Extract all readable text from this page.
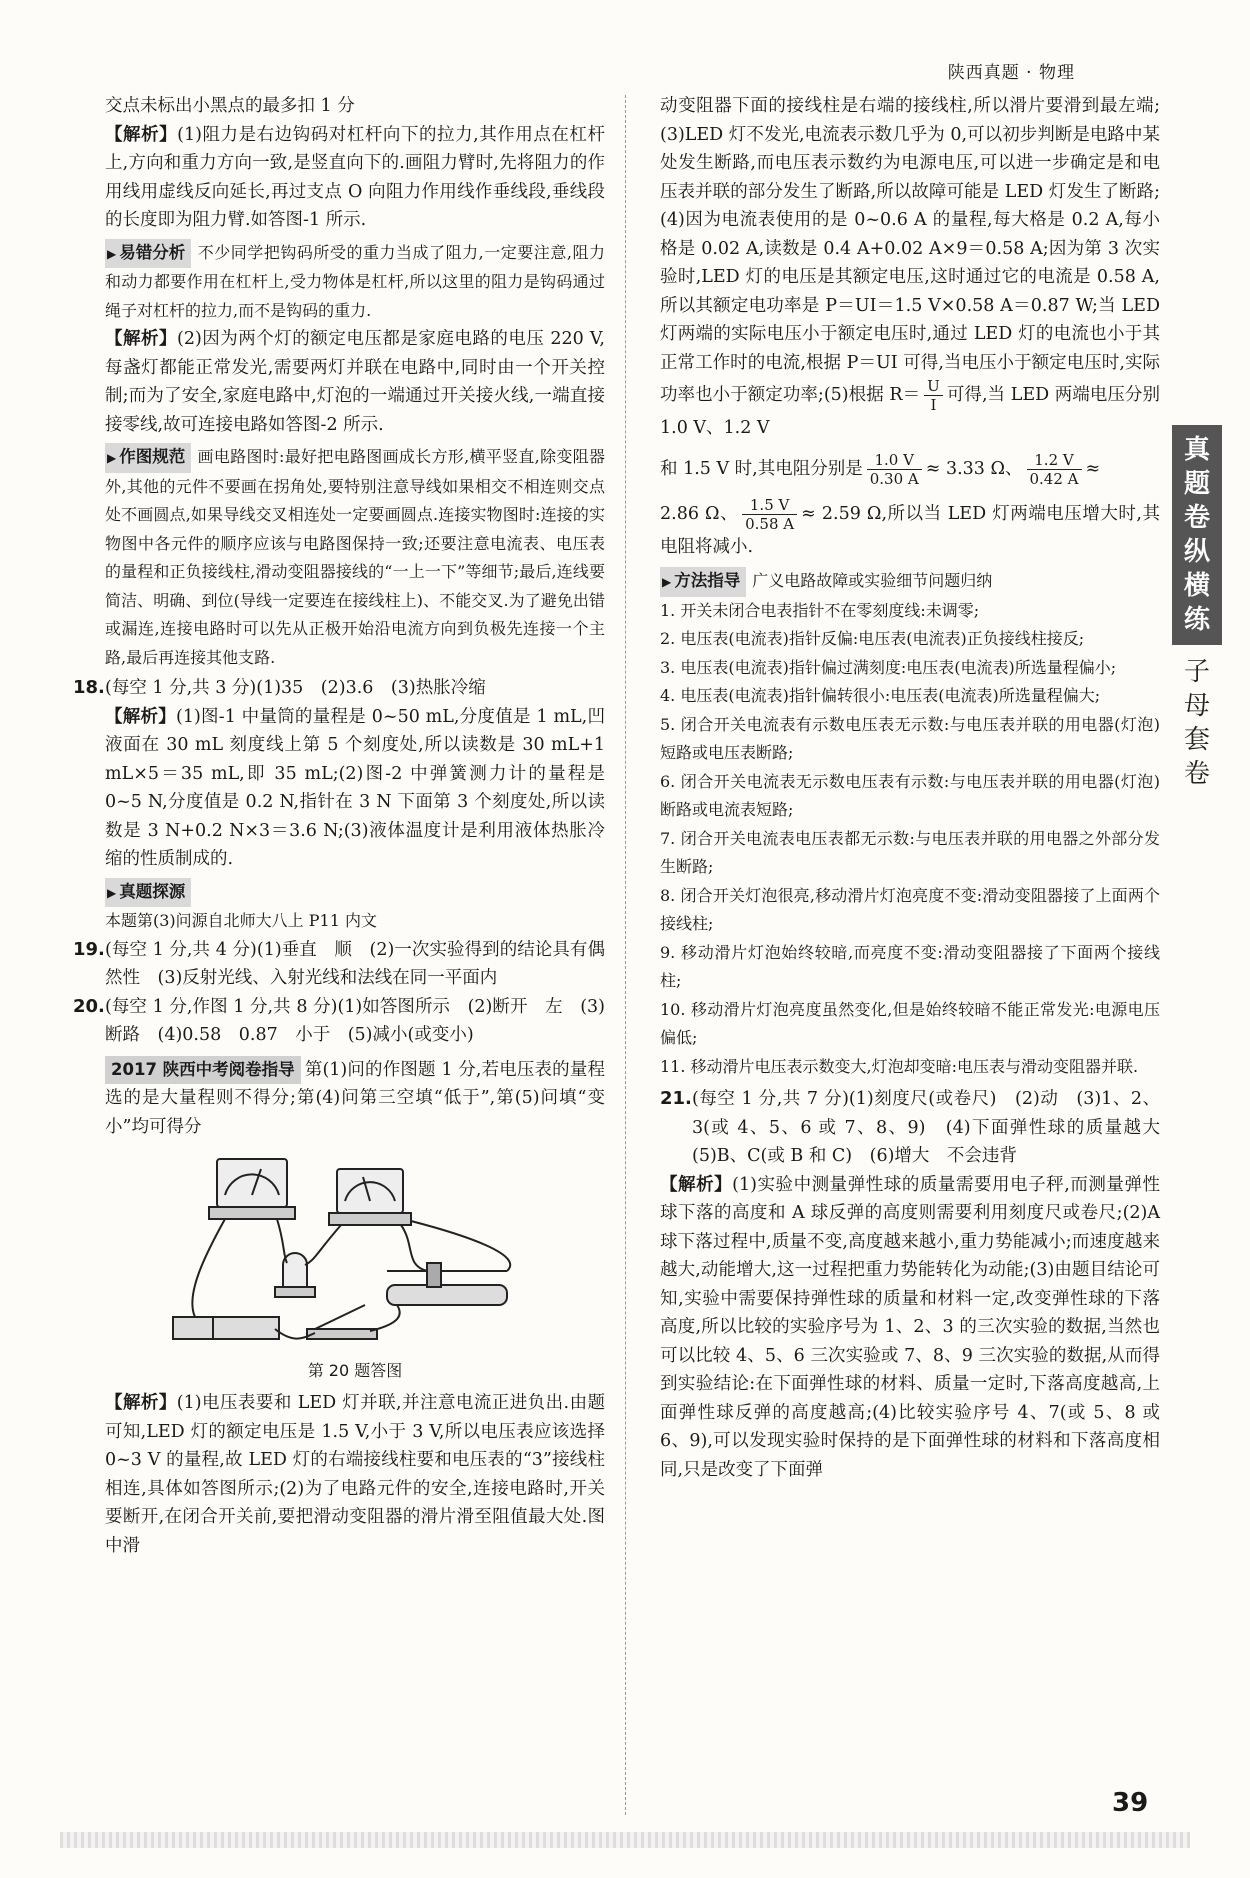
陕西真题 · 物理

交点未标出小黑点的最多扣 1 分

【解析】(1)阻力是右边钩码对杠杆向下的拉力,其作用点在杠杆上,方向和重力方向一致,是竖直向下的.画阻力臂时,先将阻力的作用线用虚线反向延长,再过支点 O 向阻力作用线作垂线段,垂线段的长度即为阻力臂.如答图-1 所示.

▶ 易错分析 不少同学把钩码所受的重力当成了阻力,一定要注意,阻力和动力都要作用在杠杆上,受力物体是杠杆,所以这里的阻力是钩码通过绳子对杠杆的拉力,而不是钩码的重力.

【解析】(2)因为两个灯的额定电压都是家庭电路的电压 220 V,每盏灯都能正常发光,需要两灯并联在电路中,同时由一个开关控制;而为了安全,家庭电路中,灯泡的一端通过开关接火线,一端直接接零线,故可连接电路如答图-2 所示.

▶ 作图规范 画电路图时:最好把电路图画成长方形,横平竖直,除变阻器外,其他的元件不要画在拐角处,要特别注意导线如果相交不相连则交点处不画圆点,如果导线交叉相连处一定要画圆点.连接实物图时:连接的实物图中各元件的顺序应该与电路图保持一致;还要注意电流表、电压表的量程和正负接线柱,滑动变阻器接线的“一上一下”等细节;最后,连线要简洁、明确、到位(导线一定要连在接线柱上)、不能交叉.为了避免出错或漏连,连接电路时可以先从正极开始沿电流方向到负极先连接一个主路,最后再连接其他支路.

18.(每空 1 分,共 3 分)(1)35　(2)3.6　(3)热胀冷缩

【解析】(1)图-1 中量筒的量程是 0~50 mL,分度值是 1 mL,凹液面在 30 mL 刻度线上第 5 个刻度处,所以读数是 30 mL+1 mL×5＝35 mL,即 35 mL;(2)图-2 中弹簧测力计的量程是 0~5 N,分度值是 0.2 N,指针在 3 N 下面第 3 个刻度处,所以读数是 3 N+0.2 N×3＝3.6 N;(3)液体温度计是利用液体热胀冷缩的性质制成的.

▶ 真题探源

本题第(3)问源自北师大八上 P11 内文

19.(每空 1 分,共 4 分)(1)垂直　顺　(2)一次实验得到的结论具有偶然性　(3)反射光线、入射光线和法线在同一平面内

20.(每空 1 分,作图 1 分,共 8 分)(1)如答图所示　(2)断开　左　(3)断路　(4)0.58　0.87　小于　(5)减小(或变小)

2017 陕西中考阅卷指导 第(1)问的作图题 1 分,若电压表的量程选的是大量程则不得分;第(4)问第三空填“低于”,第(5)问填“变小”均可得分

第 20 题答图

【解析】(1)电压表要和 LED 灯并联,并注意电流正进负出.由题可知,LED 灯的额定电压是 1.5 V,小于 3 V,所以电压表应该选择 0~3 V 的量程,故 LED 灯的右端接线柱要和电压表的“3”接线柱相连,具体如答图所示;(2)为了电路元件的安全,连接电路时,开关要断开,在闭合开关前,要把滑动变阻器的滑片滑至阻值最大处.图中滑

动变阻器下面的接线柱是右端的接线柱,所以滑片要滑到最左端;(3)LED 灯不发光,电流表示数几乎为 0,可以初步判断是电路中某处发生断路,而电压表示数约为电源电压,可以进一步确定是和电压表并联的部分发生了断路,所以故障可能是 LED 灯发生了断路;(4)因为电流表使用的是 0~0.6 A 的量程,每大格是 0.2 A,每小格是 0.02 A,读数是 0.4 A+0.02 A×9＝0.58 A;因为第 3 次实验时,LED 灯的电压是其额定电压,这时通过它的电流是 0.58 A,所以其额定电功率是 P＝UI＝1.5 V×0.58 A＝0.87 W;当 LED 灯两端的实际电压小于额定电压时,通过 LED 灯的电流也小于其正常工作时的电流,根据 P＝UI 可得,当电压小于额定电压时,实际功率也小于额定功率;(5)根据 $R= \frac{U}{I}$ 可得,当 LED 两端电压分别 1.0 V、1.2 V

和 1.5 V 时,其电阻分别是 $\frac{1.0 V}{0.30 A} \approx 3.33$ Ω、 $\frac{1.2 V}{0.42 A}$ ≈

2.86 Ω、 $\frac{1.5 V}{0.58 A} \approx 2.59$ Ω,所以当 LED 灯两端电压增大时,其电阻将减小.

▶ 方法指导 广义电路故障或实验细节问题归纳

1. 开关未闭合电表指针不在零刻度线:未调零;

2. 电压表(电流表)指针反偏:电压表(电流表)正负接线柱接反;

3. 电压表(电流表)指针偏过满刻度:电压表(电流表)所选量程偏小;

4. 电压表(电流表)指针偏转很小:电压表(电流表)所选量程偏大;

5. 闭合开关电流表有示数电压表无示数:与电压表并联的用电器(灯泡)短路或电压表断路;

6. 闭合开关电流表无示数电压表有示数:与电压表并联的用电器(灯泡)断路或电流表短路;

7. 闭合开关电流表电压表都无示数:与电压表并联的用电器之外部分发生断路;

8. 闭合开关灯泡很亮,移动滑片灯泡亮度不变:滑动变阻器接了上面两个接线柱;

9. 移动滑片灯泡始终较暗,而亮度不变:滑动变阻器接了下面两个接线柱;

10. 移动滑片灯泡亮度虽然变化,但是始终较暗不能正常发光:电源电压偏低;

11. 移动滑片电压表示数变大,灯泡却变暗:电压表与滑动变阻器并联.

21.(每空 1 分,共 7 分)(1)刻度尺(或卷尺)　(2)动　(3)1、2、3(或 4、5、6 或 7、8、9)　(4)下面弹性球的质量越大　(5)B、C(或 B 和 C)　(6)增大　不会违背

【解析】(1)实验中测量弹性球的质量需要用电子秤,而测量弹性球下落的高度和 A 球反弹的高度则需要利用刻度尺或卷尺;(2)A 球下落过程中,质量不变,高度越来越小,重力势能减小;而速度越来越大,动能增大,这一过程把重力势能转化为动能;(3)由题目结论可知,实验中需要保持弹性球的质量和材料一定,改变弹性球的下落高度,所以比较的实验序号为 1、2、3 的三次实验的数据,当然也可以比较 4、5、6 三次实验或 7、8、9 三次实验的数据,从而得到实验结论:在下面弹性球的材料、质量一定时,下落高度越高,上面弹性球反弹的高度越高;(4)比较实验序号 4、7(或 5、8 或 6、9),可以发现实验时保持的是下面弹性球的材料和下落高度相同,只是改变了下面弹

真
题
卷
纵
横
练
子
母
套
卷
39
